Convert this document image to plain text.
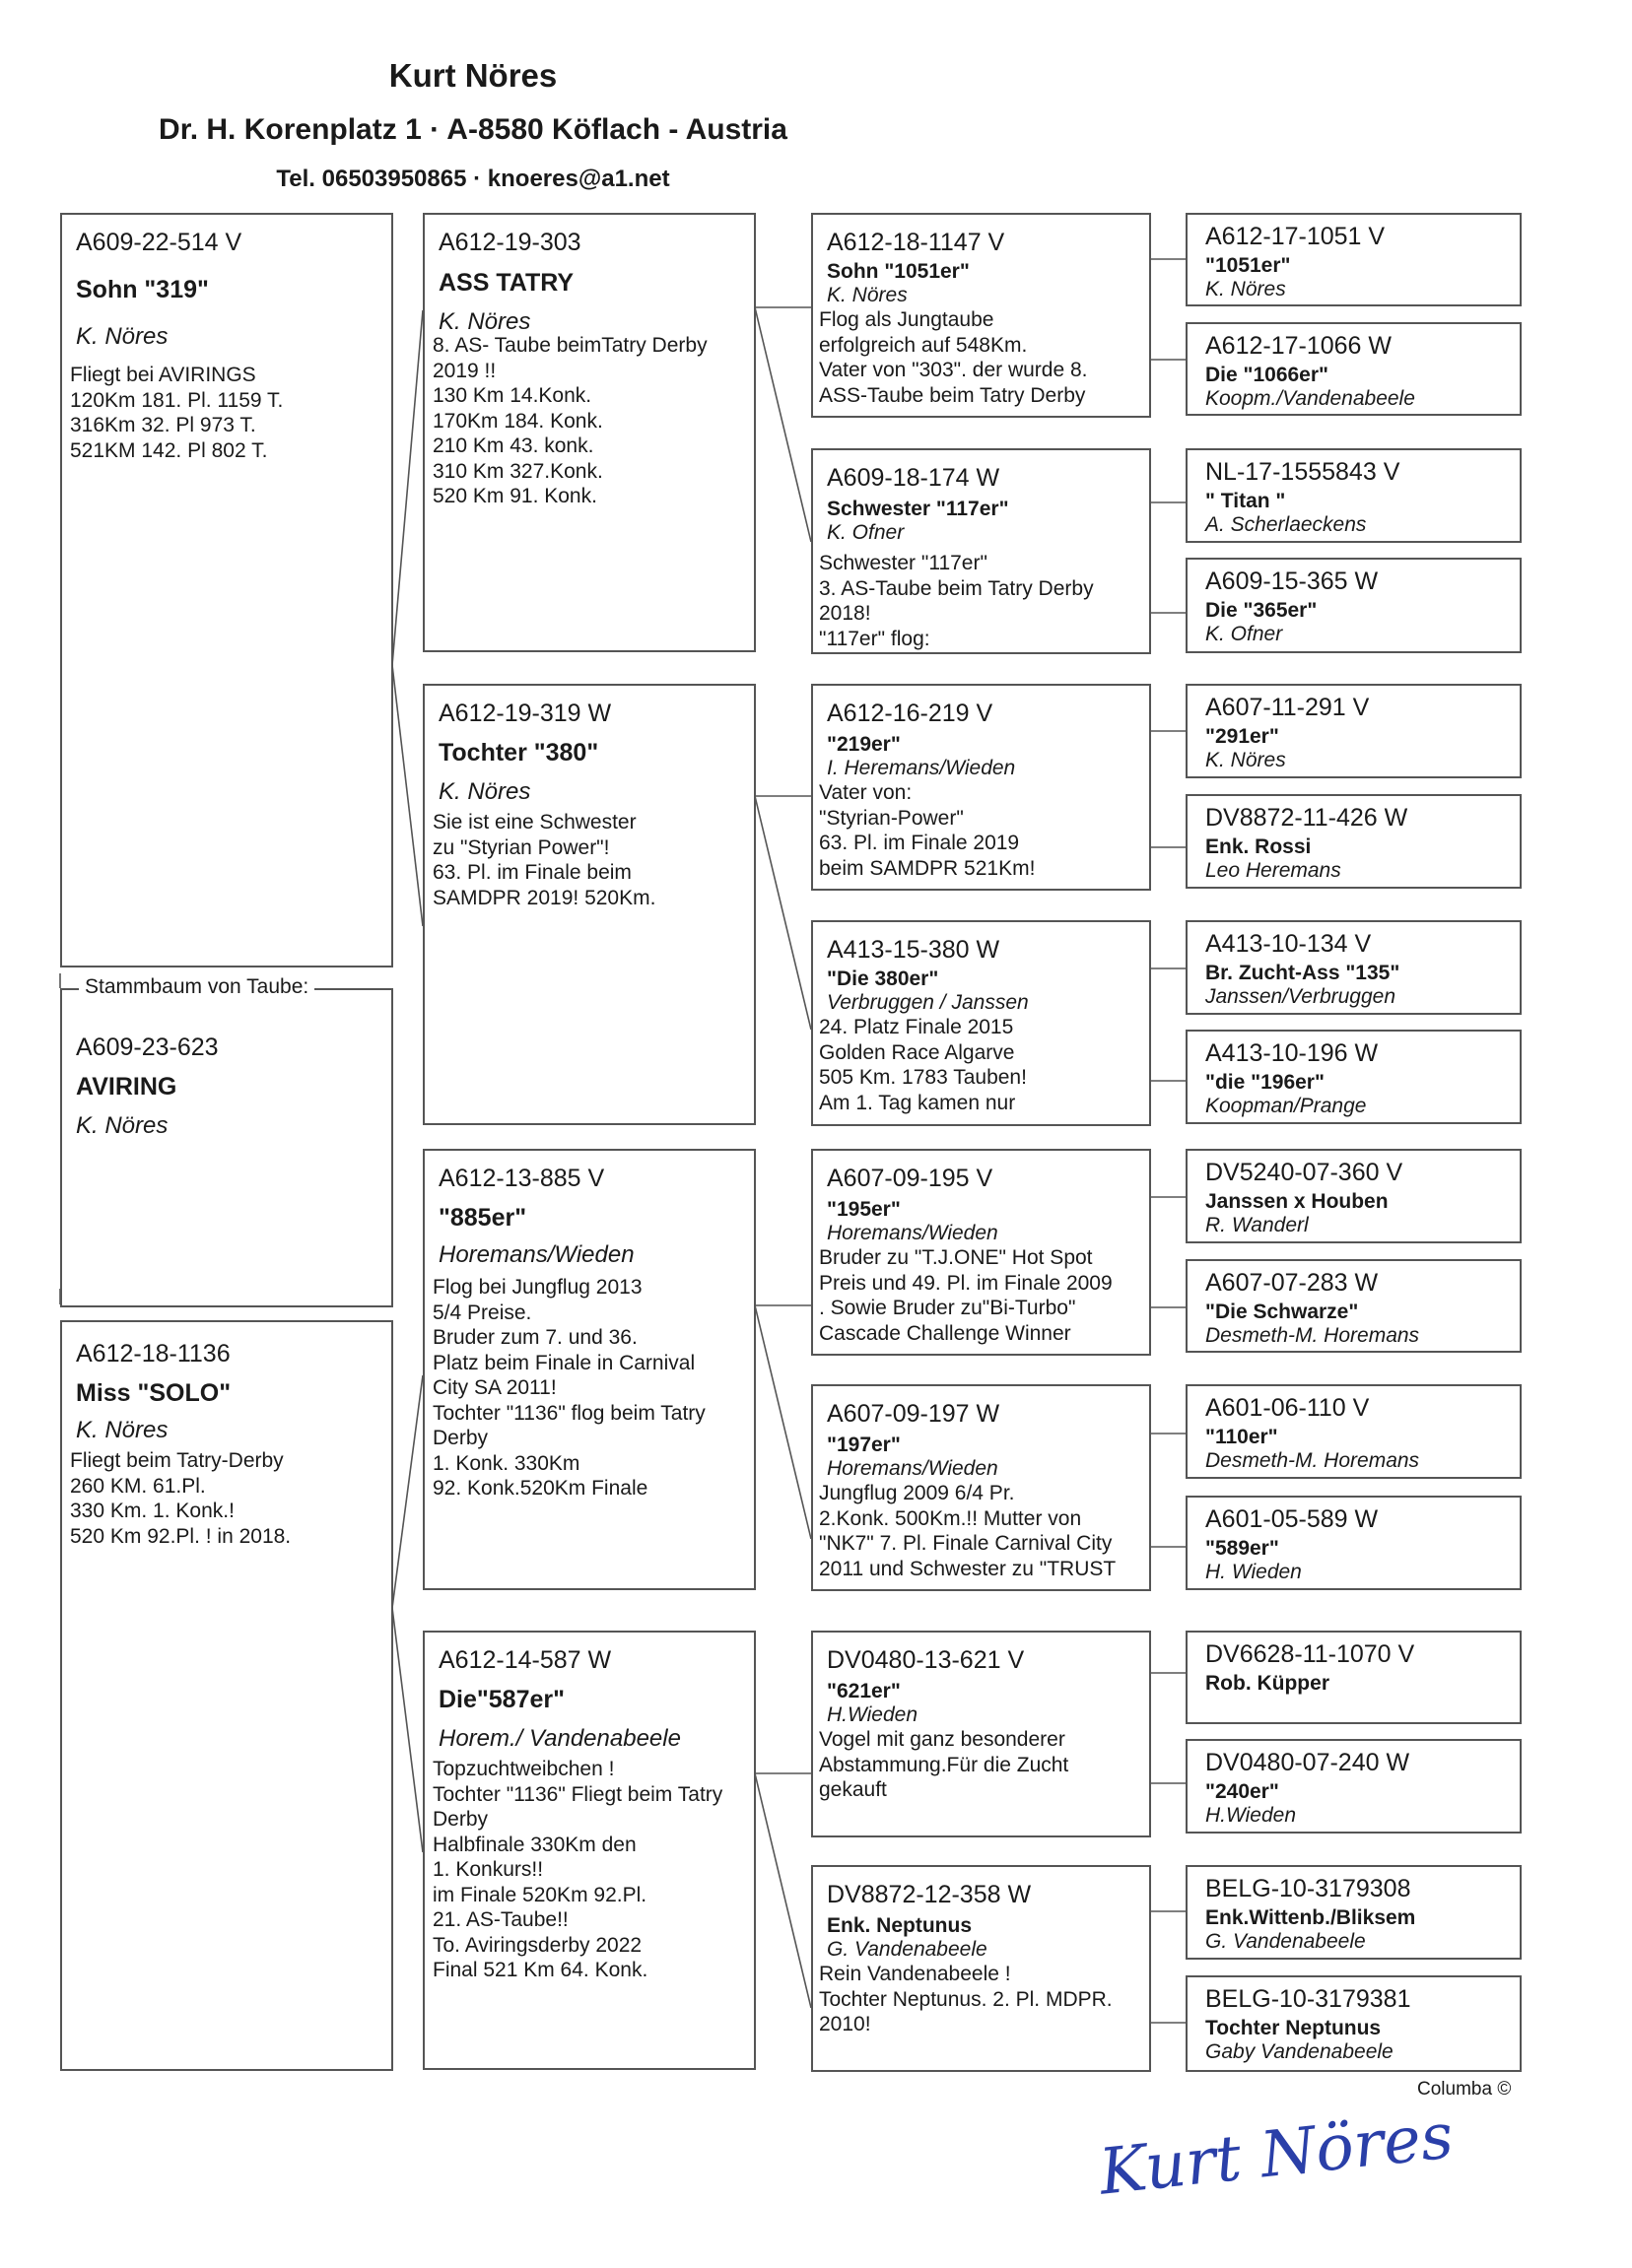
Kurt Nöres
Dr. H. Korenplatz 1 · A-8580 Köflach - Austria
Tel. 06503950865 · knoeres@a1.net
A609-22-514 V
Sohn "319"
K. Nöres
Fliegt bei AVIRINGS
120Km 181. Pl. 1159 T.
316Km 32. Pl 973 T.
521KM 142. Pl 802 T.
A609-23-623
AVIRING
K. Nöres
Stammbaum von Taube:
A612-18-1136
Miss "SOLO"
K. Nöres
Fliegt beim Tatry-Derby
260 KM. 61.Pl.
330 Km. 1. Konk.!
520 Km 92.Pl. ! in 2018.
A612-19-303
ASS TATRY
K. Nöres
8. AS- Taube beimTatry Derby
2019 !!
130 Km 14.Konk.
170Km 184. Konk.
210 Km 43. konk.
310 Km 327.Konk.
520 Km 91. Konk.
A612-19-319 W
Tochter "380"
K. Nöres
Sie ist eine Schwester
zu "Styrian Power"!
63. Pl. im Finale beim
SAMDPR 2019! 520Km.
A612-13-885 V
"885er"
Horemans/Wieden
Flog bei Jungflug 2013
5/4 Preise.
Bruder zum 7. und 36.
Platz beim Finale in Carnival
City SA 2011!
Tochter "1136" flog beim Tatry
Derby
1. Konk. 330Km
92. Konk.520Km Finale
A612-14-587 W
Die"587er"
Horem./ Vandenabeele
Topzuchtweibchen !
Tochter "1136" Fliegt beim Tatry
Derby
Halbfinale 330Km den
1. Konkurs!!
im Finale 520Km 92.Pl.
21. AS-Taube!!
To. Aviringsderby 2022
Final 521 Km 64. Konk.
A612-18-1147 V
Sohn "1051er"
K. Nöres
Flog als Jungtaube
erfolgreich auf 548Km.
Vater von "303". der wurde 8.
ASS-Taube beim Tatry Derby
A609-18-174 W
Schwester "117er"
K. Ofner
Schwester "117er"
3. AS-Taube beim Tatry Derby
2018!
"117er" flog:
A612-16-219 V
"219er"
I. Heremans/Wieden
Vater von:
"Styrian-Power"
63. Pl. im Finale 2019
beim SAMDPR 521Km!
A413-15-380 W
"Die 380er"
Verbruggen / Janssen
24. Platz Finale 2015
Golden Race Algarve
505 Km. 1783 Tauben!
Am 1. Tag kamen nur
A607-09-195 V
"195er"
Horemans/Wieden
Bruder zu "T.J.ONE" Hot Spot
Preis und 49. Pl. im Finale 2009
. Sowie Bruder zu"Bi-Turbo"
Cascade Challenge Winner
A607-09-197 W
"197er"
Horemans/Wieden
Jungflug 2009 6/4 Pr.
2.Konk. 500Km.!! Mutter von
"NK7" 7. Pl. Finale Carnival City
2011 und Schwester zu "TRUST
DV0480-13-621 V
"621er"
H.Wieden
Vogel mit ganz besonderer
Abstammung.Für die Zucht
gekauft
DV8872-12-358 W
Enk. Neptunus
G. Vandenabeele
Rein Vandenabeele !
Tochter Neptunus. 2. Pl. MDPR.
2010!
A612-17-1051 V
"1051er"
K. Nöres
A612-17-1066 W
Die "1066er"
Koopm./Vandenabeele
NL-17-1555843 V
" Titan "
A. Scherlaeckens
A609-15-365 W
Die "365er"
K. Ofner
A607-11-291 V
"291er"
K. Nöres
DV8872-11-426 W
Enk. Rossi
Leo Heremans
A413-10-134 V
Br. Zucht-Ass "135"
Janssen/Verbruggen
A413-10-196 W
"die "196er"
Koopman/Prange
DV5240-07-360 V
Janssen x Houben
R. Wanderl
A607-07-283 W
"Die Schwarze"
Desmeth-M. Horemans
A601-06-110 V
"110er"
Desmeth-M. Horemans
A601-05-589 W
"589er"
H. Wieden
DV6628-11-1070 V
Rob. Küpper
DV0480-07-240 W
"240er"
H.Wieden
BELG-10-3179308
Enk.Wittenb./Bliksem
G. Vandenabeele
BELG-10-3179381
Tochter Neptunus
Gaby Vandenabeele
Columba ©
Kurt Nöres
